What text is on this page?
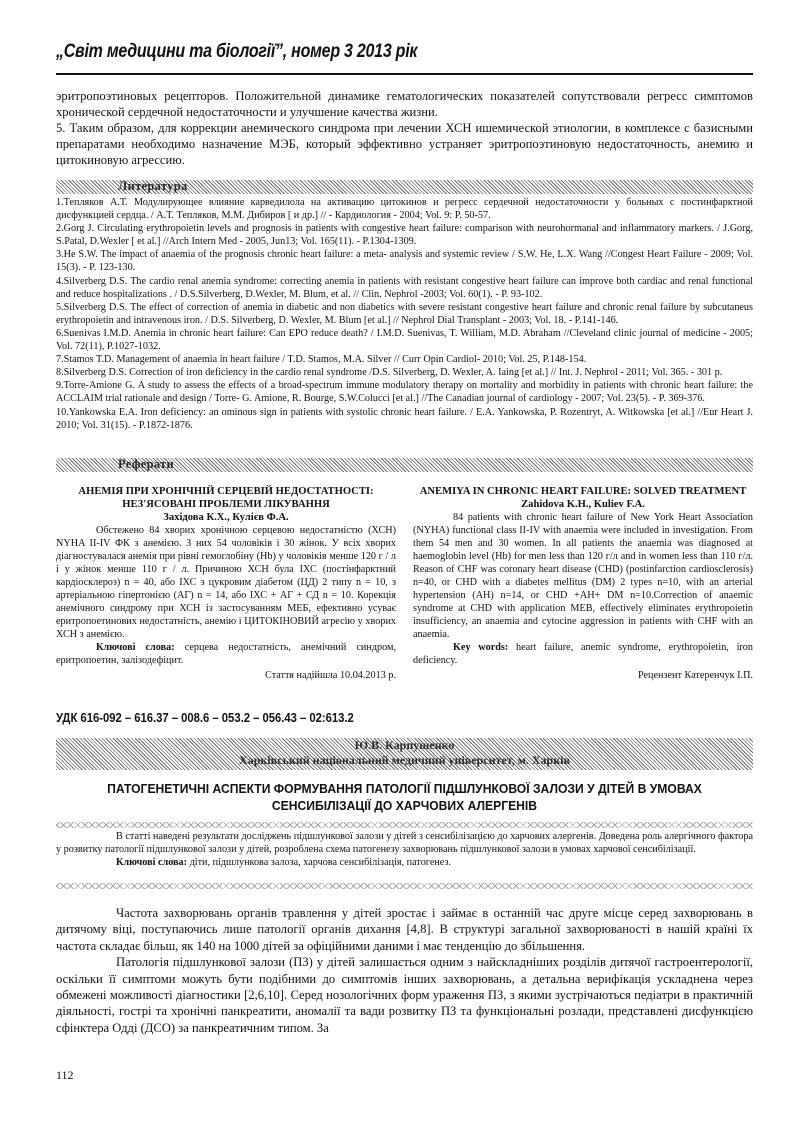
„Світ медицини та біології”, номер 3 2013 рік
эритропоэтиновых рецепторов. Положительной динамике гематологических показателей сопутствовали регресс симптомов хронической сердечной недостаточности и улучшение качества жизни.
5. Таким образом, для коррекции анемического синдрома при лечении ХСН ишемической этиологии, в комплексе с базисными препаратами необходимо назначение МЭБ, который эффективно устраняет эритропоэтиновую недостаточность, анемию и цитокиновую агрессию.
Литература
1.Тепляков А.Т. Модулирующее влияние карведилола на активацию цитокинов и регресс сердечной недостаточности у больных с постинфарктной дисфункцией сердца. / А.Т. Тепляков, М.М. Дибиров [ и др.] // - Кардиология - 2004; Vol. 9: P. 50-57.
2.Gorg J. Circulating erythropoietin levels and prognosis in patients with congestive heart failure: comparison with neurohormanal and inflammatory markers. / J.Gorg, S.Patal, D.Wexler [ et al.] //Arch Intern Med - 2005, Jun13; Vol. 165(11). - P.1304-1309.
3.He S.W. The impact of anaemia of the prognosis chronic heart failure: a meta- analysis and systemic review / S.W. He, L.X. Wang //Congest Heart Failure - 2009; Vol. 15(3). - P. 123-130.
4.Silverberg D.S. The cardio renal anemia syndrome: correcting anemia in patients with resistant congestive heart failure can improve both cardiac and renal functional and reduce hospitalizations . / D.S.Silverberg, D.Wexler, M. Blum, et al. // Clin. Nephrol -2003; Vol. 60(1). - P. 93-102.
5.Silverberg D.S. The effect of correction of anemia in diabetic and non diabetics with severe resistant congestive heart failure and chronic renal failure by subcutaneus erythropoietin and intravenous iron. / D.S. Silverberg, D. Wexler, M. Blum [et al.] // Nephrol Dial Transplant - 2003; Vol. 18. - P.141-146.
6.Suenivas I.M.D. Anemia in chronic heart failure: Can EPO reduce death? / I.M.D. Suenivas, T. William, M.D. Abraham //Cleveland clinic journal of medicine - 2005; Vol. 72(11), P.1027-1032.
7.Stamos T.D. Management of anaemia in heart failure / T.D. Stamos, M.A. Silver // Curr Opin Cardiol- 2010; Vol. 25, P.148-154.
8.Silverberg D.S. Correction of iron deficiency in the cardio renal syndrome /D.S. Silverberg, D. Wexler, A. Iaing [et al.] // Int. J. Nephrol - 2011; Vol. 365. - 301 p.
9.Torre-Amione G. A study to assess the effects of a broad-spectrum immune modulatory therapy on mortality and morbidity in patients with chronic heart failure: the ACCLAIM trial rationale and design / Torre- G. Amione, R. Bourge, S.W.Colucci [et al.] //The Canadian journal of cardiology - 2007; Vol. 23(5). - P. 369-376.
10.Yankowska E.A. Iron deficiency: an ominous sign in patients with systolic chronic heart failure. / E.A. Yankowska, P. Rozentryt, A. Witkowska [et al.] //Eur Heart J. 2010; Vol. 31(15). - P.1872-1876.
Реферати
АНЕМІЯ ПРИ ХРОНІЧНІЙ СЕРЦЕВІЙ НЕДОСТАТНОСТІ: НЕЗ'ЯСОВАНІ ПРОБЛЕМИ ЛІКУВАННЯ
Західова К.Х., Кулієв Ф.А.
Обстежено 84 хворих хронічною серцевою недостатністю (ХСН) NYHA II-IV ФК з анемією. З них 54 чоловіків і 30 жінок. У всіх хворих діагностувалася анемія при рівні гемоглобіну (Hb) у чоловіків менше 120 г / л і у жінок менше 110 г / л. Причиною ХСН була ІХС (постінфарктний кардіосклероз) n = 40, або ІХС з цукровим діабетом (ЦД) 2 типу n = 10, з артеріальною гіпертонією (АГ) n = 14, або ІХС + АГ + СД n = 10. Корекція анемічного синдрому при ХСН із застосуванням МЕБ, ефективно усуває еритропоетинових недостатність, анемію і ЦИТОКІНОВИЙ агресію у хворих ХСН з анемією.
Ключові слова: серцева недостатність, анемічний синдром, еритропоетин, залізодефіцит.
Стаття надійшла 10.04.2013 р.
ANEMIYA IN CHRONIC HEART FAILURE: SOLVED TREATMENT
Zahidova K.H., Kuliev F.A.
84 patients with chronic heart failure of New York Heart Association (NYHA) functional class II-IV with anaemia were included in investigation. From them 54 men and 30 women. In all patients the anaemia was diagnosed at haemoglobin level (Hb) for men less than 120 г/л and in women less than 110 г/л. Reason of CHF was coronary heart disease (CHD) (postinfarction cardiosclerosis) n=40, or CHD with a diabetes mellitus (DM) 2 types n=10, with an arterial hypertension (AH) n=14, or CHD +AH+ DM n=10.Correction of anaemic syndrome at CHD with application MEB, effectively eliminates erythropoietin insufficiency, an anaemia and cytocine aggression in patients with CHF with an anaemia.
Key words: heart failure, anemic syndrome, erythropoietin, iron deficiency.
Рецензент Катеренчук І.П.
УДК 616-092 – 616.37 – 008.6 – 053.2 – 056.43 – 02:613.2
Ю.В. Карпушенко
Харківський національний медичний університет, м. Харків
ПАТОГЕНЕТИЧНІ АСПЕКТИ ФОРМУВАННЯ ПАТОЛОГІЇ ПІДШЛУНКОВОЇ ЗАЛОЗИ У ДІТЕЙ В УМОВАХ СЕНСИБІЛІЗАЦІЇ ДО ХАРЧОВИХ АЛЕРГЕНІВ
В статті наведені результати досліджень підшлункової залози у дітей з сенсибілізацією до харчових алергенів. Доведена роль алергічного фактора у розвитку патології підшлункової залози у дітей, розроблена схема патогенезу захворювань підшлункової залози в умовах харчової сенсибілізації.
Ключові слова: діти, підшлункова залоза, харчова сенсибілізація, патогенез.
Частота захворювань органів травлення у дітей зростає і займає в останній час друге місце серед захворювань в дитячому віці, поступаючись лише патології органів дихання [4,8]. В структурі загальної захворюваності в нашій країні їх частота складає більш, як 140 на 1000 дітей за офіційними даними і має тенденцію до збільшення.
Патологія підшлункової залози (ПЗ) у дітей залишається одним з найскладніших розділів дитячої гастроентерології, оскільки її симптоми можуть бути подібними до симптомів інших захворювань, а детальна верифікація ускладнена через обмежені можливості діагностики [2,6,10]. Серед нозологічних форм ураження ПЗ, з якими зустрічаються педіатри в практичній діяльності, гострі та хронічні панкреатити, аномалії та вади розвитку ПЗ та функціональні розлади, представлені дисфункцією сфінктера Одді (ДСО) за панкреатичним типом. За
112
